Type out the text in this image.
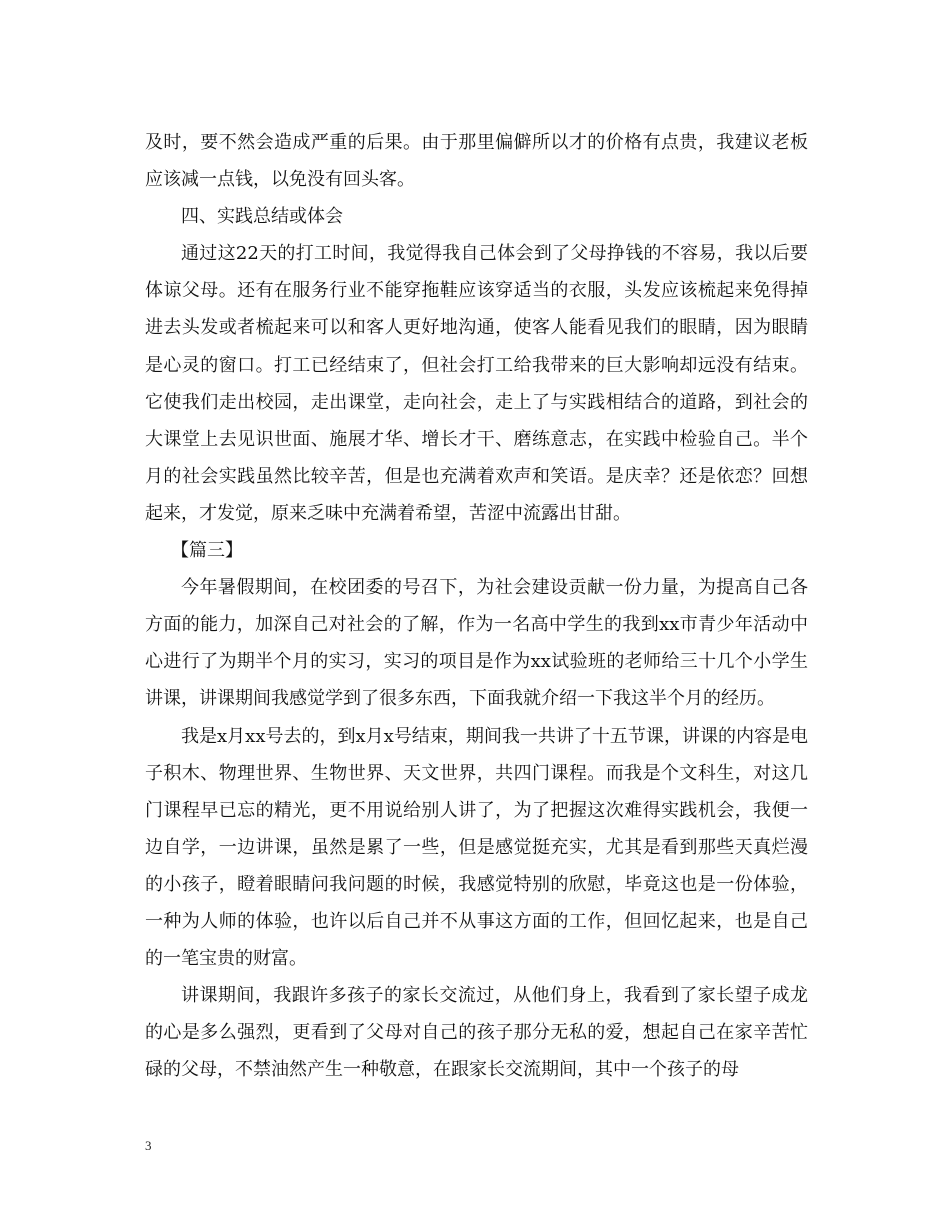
及时，要不然会造成严重的后果。由于那里偏僻所以才的价格有点贵，我建议老板应该减一点钱，以免没有回头客。

四、实践总结或体会

通过这22天的打工时间，我觉得我自己体会到了父母挣钱的不容易，我以后要体谅父母。还有在服务行业不能穿拖鞋应该穿适当的衣服，头发应该梳起来免得掉进去头发或者梳起来可以和客人更好地沟通，使客人能看见我们的眼睛，因为眼睛是心灵的窗口。打工已经结束了，但社会打工给我带来的巨大影响却远没有结束。它使我们走出校园，走出课堂，走向社会，走上了与实践相结合的道路，到社会的大课堂上去见识世面、施展才华、增长才干、磨练意志，在实践中检验自己。半个月的社会实践虽然比较辛苦，但是也充满着欢声和笑语。是庆幸？还是依恋？回想起来，才发觉，原来乏味中充满着希望，苦涩中流露出甘甜。

【篇三】

今年暑假期间，在校团委的号召下，为社会建设贡献一份力量，为提高自己各方面的能力，加深自己对社会的了解，作为一名高中学生的我到xx市青少年活动中心进行了为期半个月的实习，实习的项目是作为xx试验班的老师给三十几个小学生讲课，讲课期间我感觉学到了很多东西，下面我就介绍一下我这半个月的经历。

我是x月xx号去的，到x月x号结束，期间我一共讲了十五节课，讲课的内容是电子积木、物理世界、生物世界、天文世界，共四门课程。而我是个文科生，对这几门课程早已忘的精光，更不用说给别人讲了，为了把握这次难得实践机会，我便一边自学，一边讲课，虽然是累了一些，但是感觉挺充实，尤其是看到那些天真烂漫的小孩子，瞪着眼睛问我问题的时候，我感觉特别的欣慰，毕竟这也是一份体验，一种为人师的体验，也许以后自己并不从事这方面的工作，但回忆起来，也是自己的一笔宝贵的财富。

讲课期间，我跟许多孩子的家长交流过，从他们身上，我看到了家长望子成龙的心是多么强烈，更看到了父母对自己的孩子那分无私的爱，想起自己在家辛苦忙碌的父母，不禁油然产生一种敬意，在跟家长交流期间，其中一个孩子的母

3
